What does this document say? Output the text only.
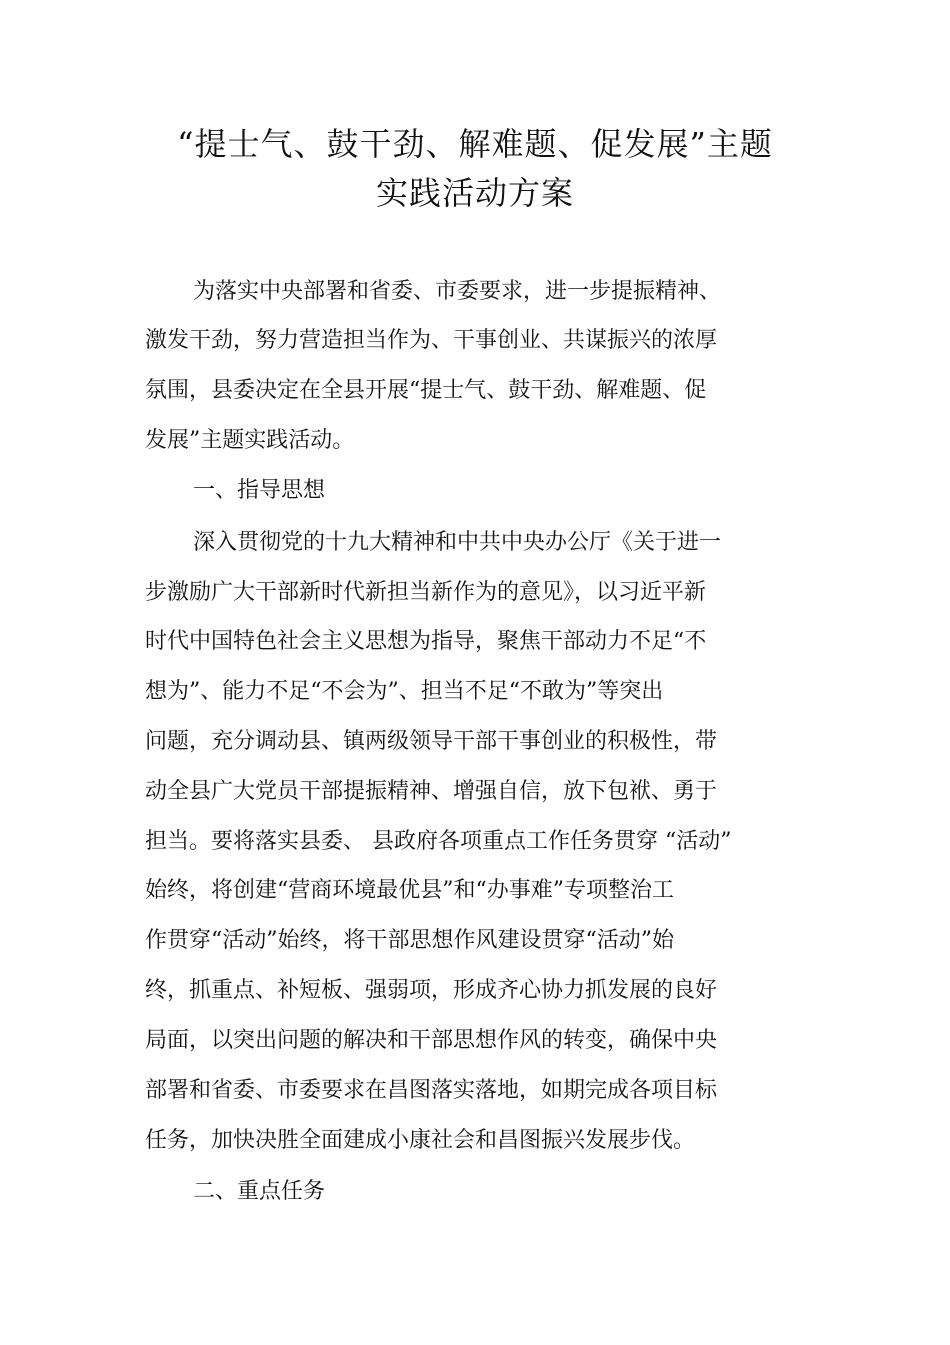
“提士气、鼓干劲、解难题、促发展”主题
实践活动方案

为落实中央部署和省委、市委要求，进一步提振精神、

激发干劲，努力营造担当作为、干事创业、共谋振兴的浓厚

氛围，县委决定在全县开展“提士气、鼓干劲、解难题、促

发展”主题实践活动。

一、指导思想

深入贯彻党的十九大精神和中共中央办公厅《关于进一

步激励广大干部新时代新担当新作为的意见》，以习近平新

时代中国特色社会主义思想为指导，聚焦干部动力不足“不

想为”、能力不足“不会为”、担当不足“不敢为”等突出

问题，充分调动县、镇两级领导干部干事创业的积极性，带

动全县广大党员干部提振精神、增强自信，放下包袱、勇于

担当。要将落实县委、 县政府各项重点工作任务贯穿 “活动”

始终，将创建“营商环境最优县”和“办事难”专项整治工

作贯穿“活动”始终，将干部思想作风建设贯穿“活动”始

终，抓重点、补短板、强弱项，形成齐心协力抓发展的良好

局面，以突出问题的解决和干部思想作风的转变，确保中央

部署和省委、市委要求在昌图落实落地，如期完成各项目标

任务，加快决胜全面建成小康社会和昌图振兴发展步伐。

二、重点任务
